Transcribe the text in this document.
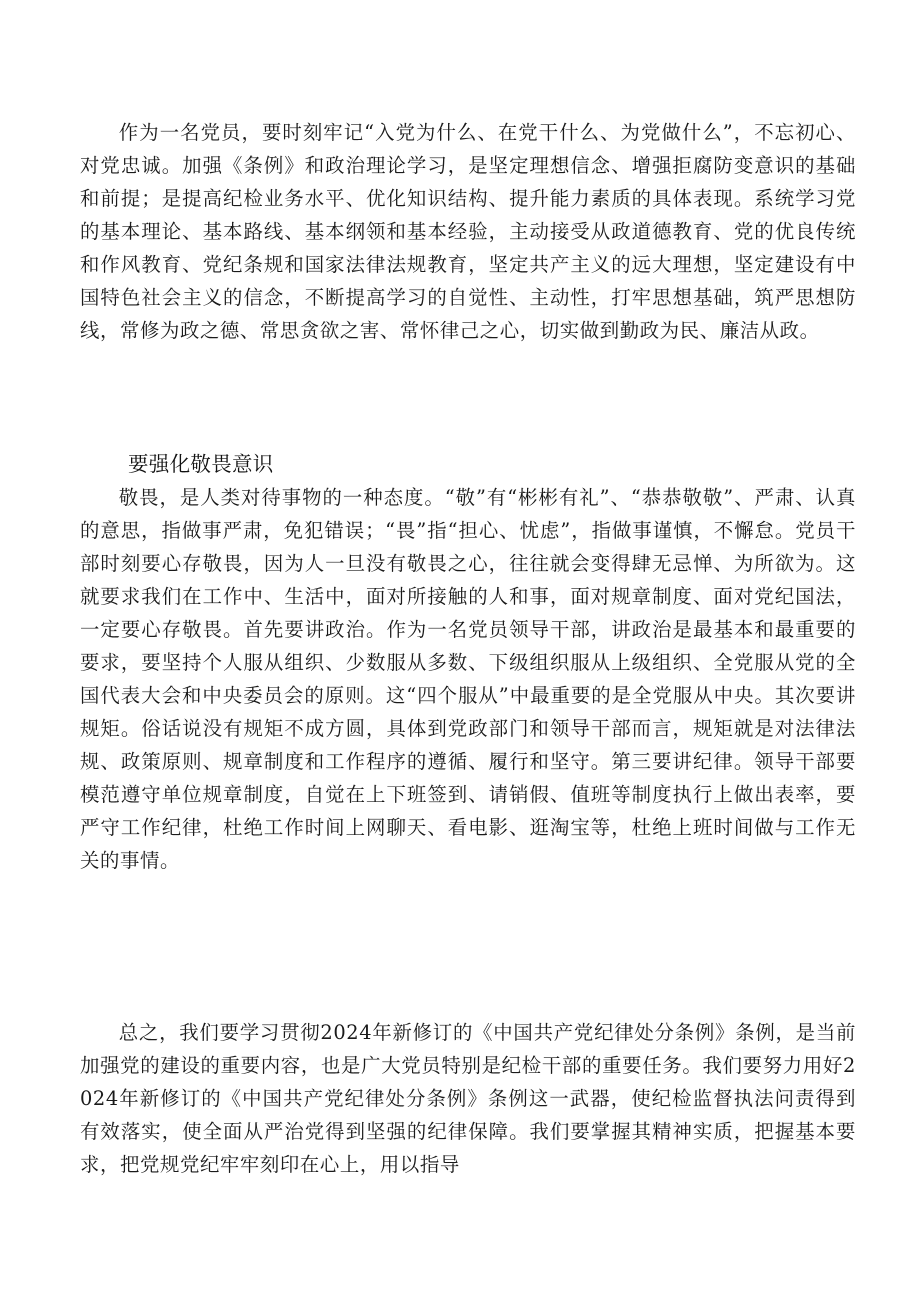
作为一名党员，要时刻牢记“入党为什么、在党干什么、为党做什么”，不忘初心、对党忠诚。加强《条例》和政治理论学习，是坚定理想信念、增强拒腐防变意识的基础和前提；是提高纪检业务水平、优化知识结构、提升能力素质的具体表现。系统学习党的基本理论、基本路线、基本纲领和基本经验，主动接受从政道德教育、党的优良传统和作风教育、党纪条规和国家法律法规教育，坚定共产主义的远大理想，坚定建设有中国特色社会主义的信念，不断提高学习的自觉性、主动性，打牢思想基础，筑严思想防线，常修为政之德、常思贪欲之害、常怀律己之心，切实做到勤政为民、廉洁从政。

要强化敬畏意识

敬畏，是人类对待事物的一种态度。“敬”有“彬彬有礼”、“恭恭敬敬”、严肃、认真的意思，指做事严肃，免犯错误；“畏”指“担心、忧虑”，指做事谨慎，不懈怠。党员干部时刻要心存敬畏，因为人一旦没有敬畏之心，往往就会变得肆无忌惮、为所欲为。这就要求我们在工作中、生活中，面对所接触的人和事，面对规章制度、面对党纪国法，一定要心存敬畏。首先要讲政治。作为一名党员领导干部，讲政治是最基本和最重要的要求，要坚持个人服从组织、少数服从多数、下级组织服从上级组织、全党服从党的全国代表大会和中央委员会的原则。这“四个服从”中最重要的是全党服从中央。其次要讲规矩。俗话说没有规矩不成方圆，具体到党政部门和领导干部而言，规矩就是对法律法规、政策原则、规章制度和工作程序的遵循、履行和坚守。第三要讲纪律。领导干部要模范遵守单位规章制度，自觉在上下班签到、请销假、值班等制度执行上做出表率，要严守工作纪律，杜绝工作时间上网聊天、看电影、逛淘宝等，杜绝上班时间做与工作无关的事情。

总之，我们要学习贯彻2024年新修订的《中国共产党纪律处分条例》条例，是当前加强党的建设的重要内容，也是广大党员特别是纪检干部的重要任务。我们要努力用好2024年新修订的《中国共产党纪律处分条例》条例这一武器，使纪检监督执法问责得到有效落实，使全面从严治党得到坚强的纪律保障。我们要掌握其精神实质，把握基本要求，把党规党纪牢牢刻印在心上，用以指导
